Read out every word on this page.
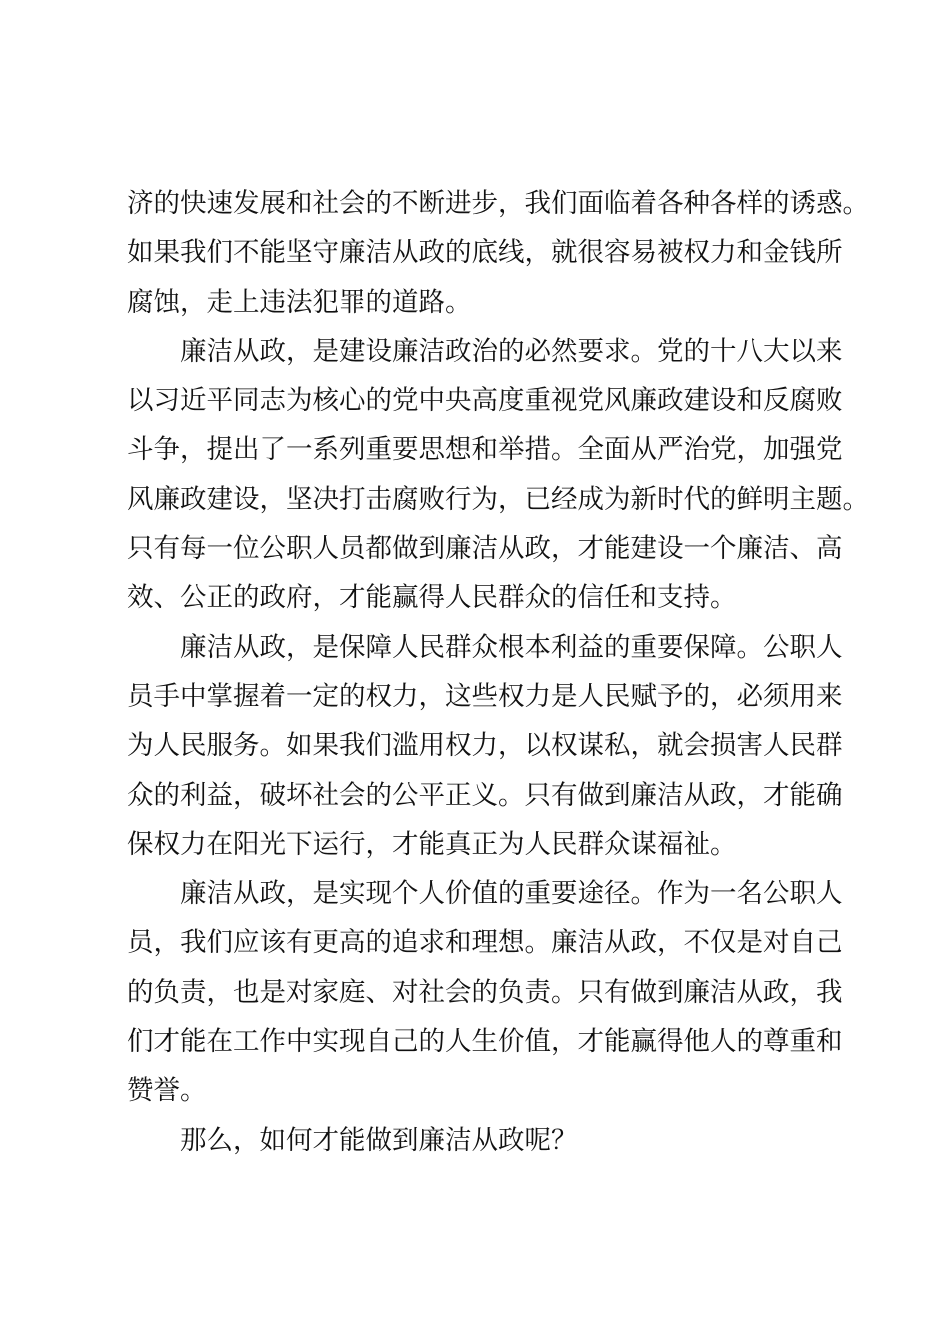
济的快速发展和社会的不断进步，我们面临着各种各样的诱惑。
如果我们不能坚守廉洁从政的底线，就很容易被权力和金钱所
腐蚀，走上违法犯罪的道路。
廉洁从政，是建设廉洁政治的必然要求。党的十八大以来
以习近平同志为核心的党中央高度重视党风廉政建设和反腐败
斗争，提出了一系列重要思想和举措。全面从严治党，加强党
风廉政建设，坚决打击腐败行为，已经成为新时代的鲜明主题。
只有每一位公职人员都做到廉洁从政，才能建设一个廉洁、高
效、公正的政府，才能赢得人民群众的信任和支持。
廉洁从政，是保障人民群众根本利益的重要保障。公职人
员手中掌握着一定的权力，这些权力是人民赋予的，必须用来
为人民服务。如果我们滥用权力，以权谋私，就会损害人民群
众的利益，破坏社会的公平正义。只有做到廉洁从政，才能确
保权力在阳光下运行，才能真正为人民群众谋福祉。
廉洁从政，是实现个人价值的重要途径。作为一名公职人
员，我们应该有更高的追求和理想。廉洁从政，不仅是对自己
的负责，也是对家庭、对社会的负责。只有做到廉洁从政，我
们才能在工作中实现自己的人生价值，才能赢得他人的尊重和
赞誉。
那么，如何才能做到廉洁从政呢？
